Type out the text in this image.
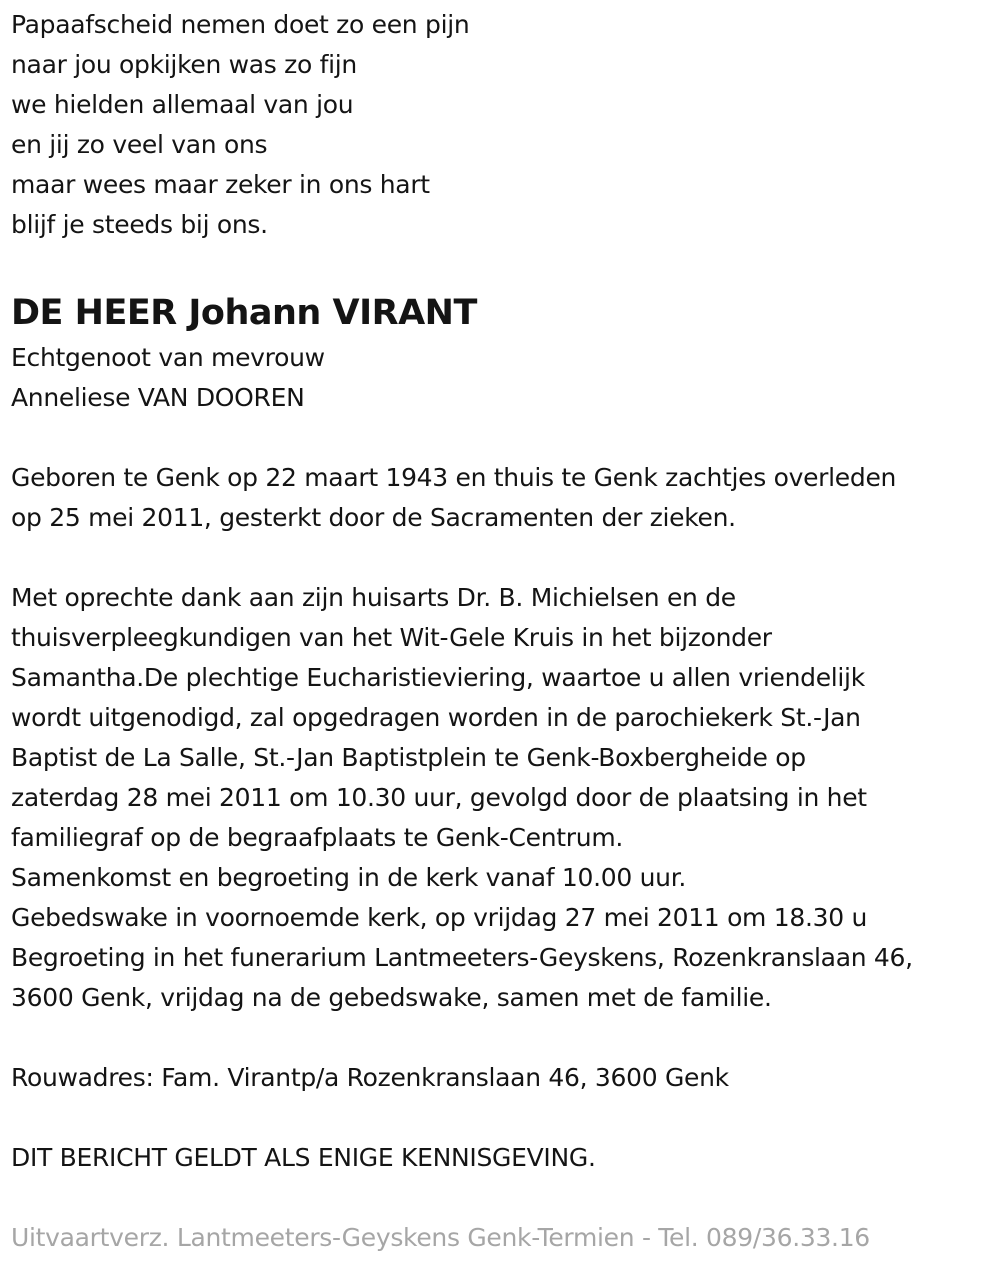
Papaafscheid nemen doet zo een pijn
naar jou opkijken was zo fijn
we hielden allemaal van jou
en jij zo veel van ons
maar wees maar zeker in ons hart
blijf je steeds bij ons.
DE HEER Johann VIRANT
Echtgenoot van mevrouw
Anneliese VAN DOOREN
Geboren te Genk op 22 maart 1943 en thuis te Genk zachtjes overleden
op 25 mei 2011, gesterkt door de Sacramenten der zieken.
Met oprechte dank aan zijn huisarts Dr. B. Michielsen en de
thuisverpleegkundigen van het Wit-Gele Kruis in het bijzonder
Samantha.De plechtige Eucharistieviering, waartoe u allen vriendelijk
wordt uitgenodigd, zal opgedragen worden in de parochiekerk St.-Jan
Baptist de La Salle, St.-Jan Baptistplein te Genk-Boxbergheide op
zaterdag 28 mei 2011 om 10.30 uur, gevolgd door de plaatsing in het
familiegraf op de begraafplaats te Genk-Centrum.
Samenkomst en begroeting in de kerk vanaf 10.00 uur.
Gebedswake in voornoemde kerk, op vrijdag 27 mei 2011 om 18.30 u
Begroeting in het funerarium Lantmeeters-Geyskens, Rozenkranslaan 46,
3600 Genk, vrijdag na de gebedswake, samen met de familie.
Rouwadres: Fam. Virantp/a Rozenkranslaan 46, 3600 Genk
DIT BERICHT GELDT ALS ENIGE KENNISGEVING.
Uitvaartverz. Lantmeeters-Geyskens Genk-Termien - Tel. 089/36.33.16
